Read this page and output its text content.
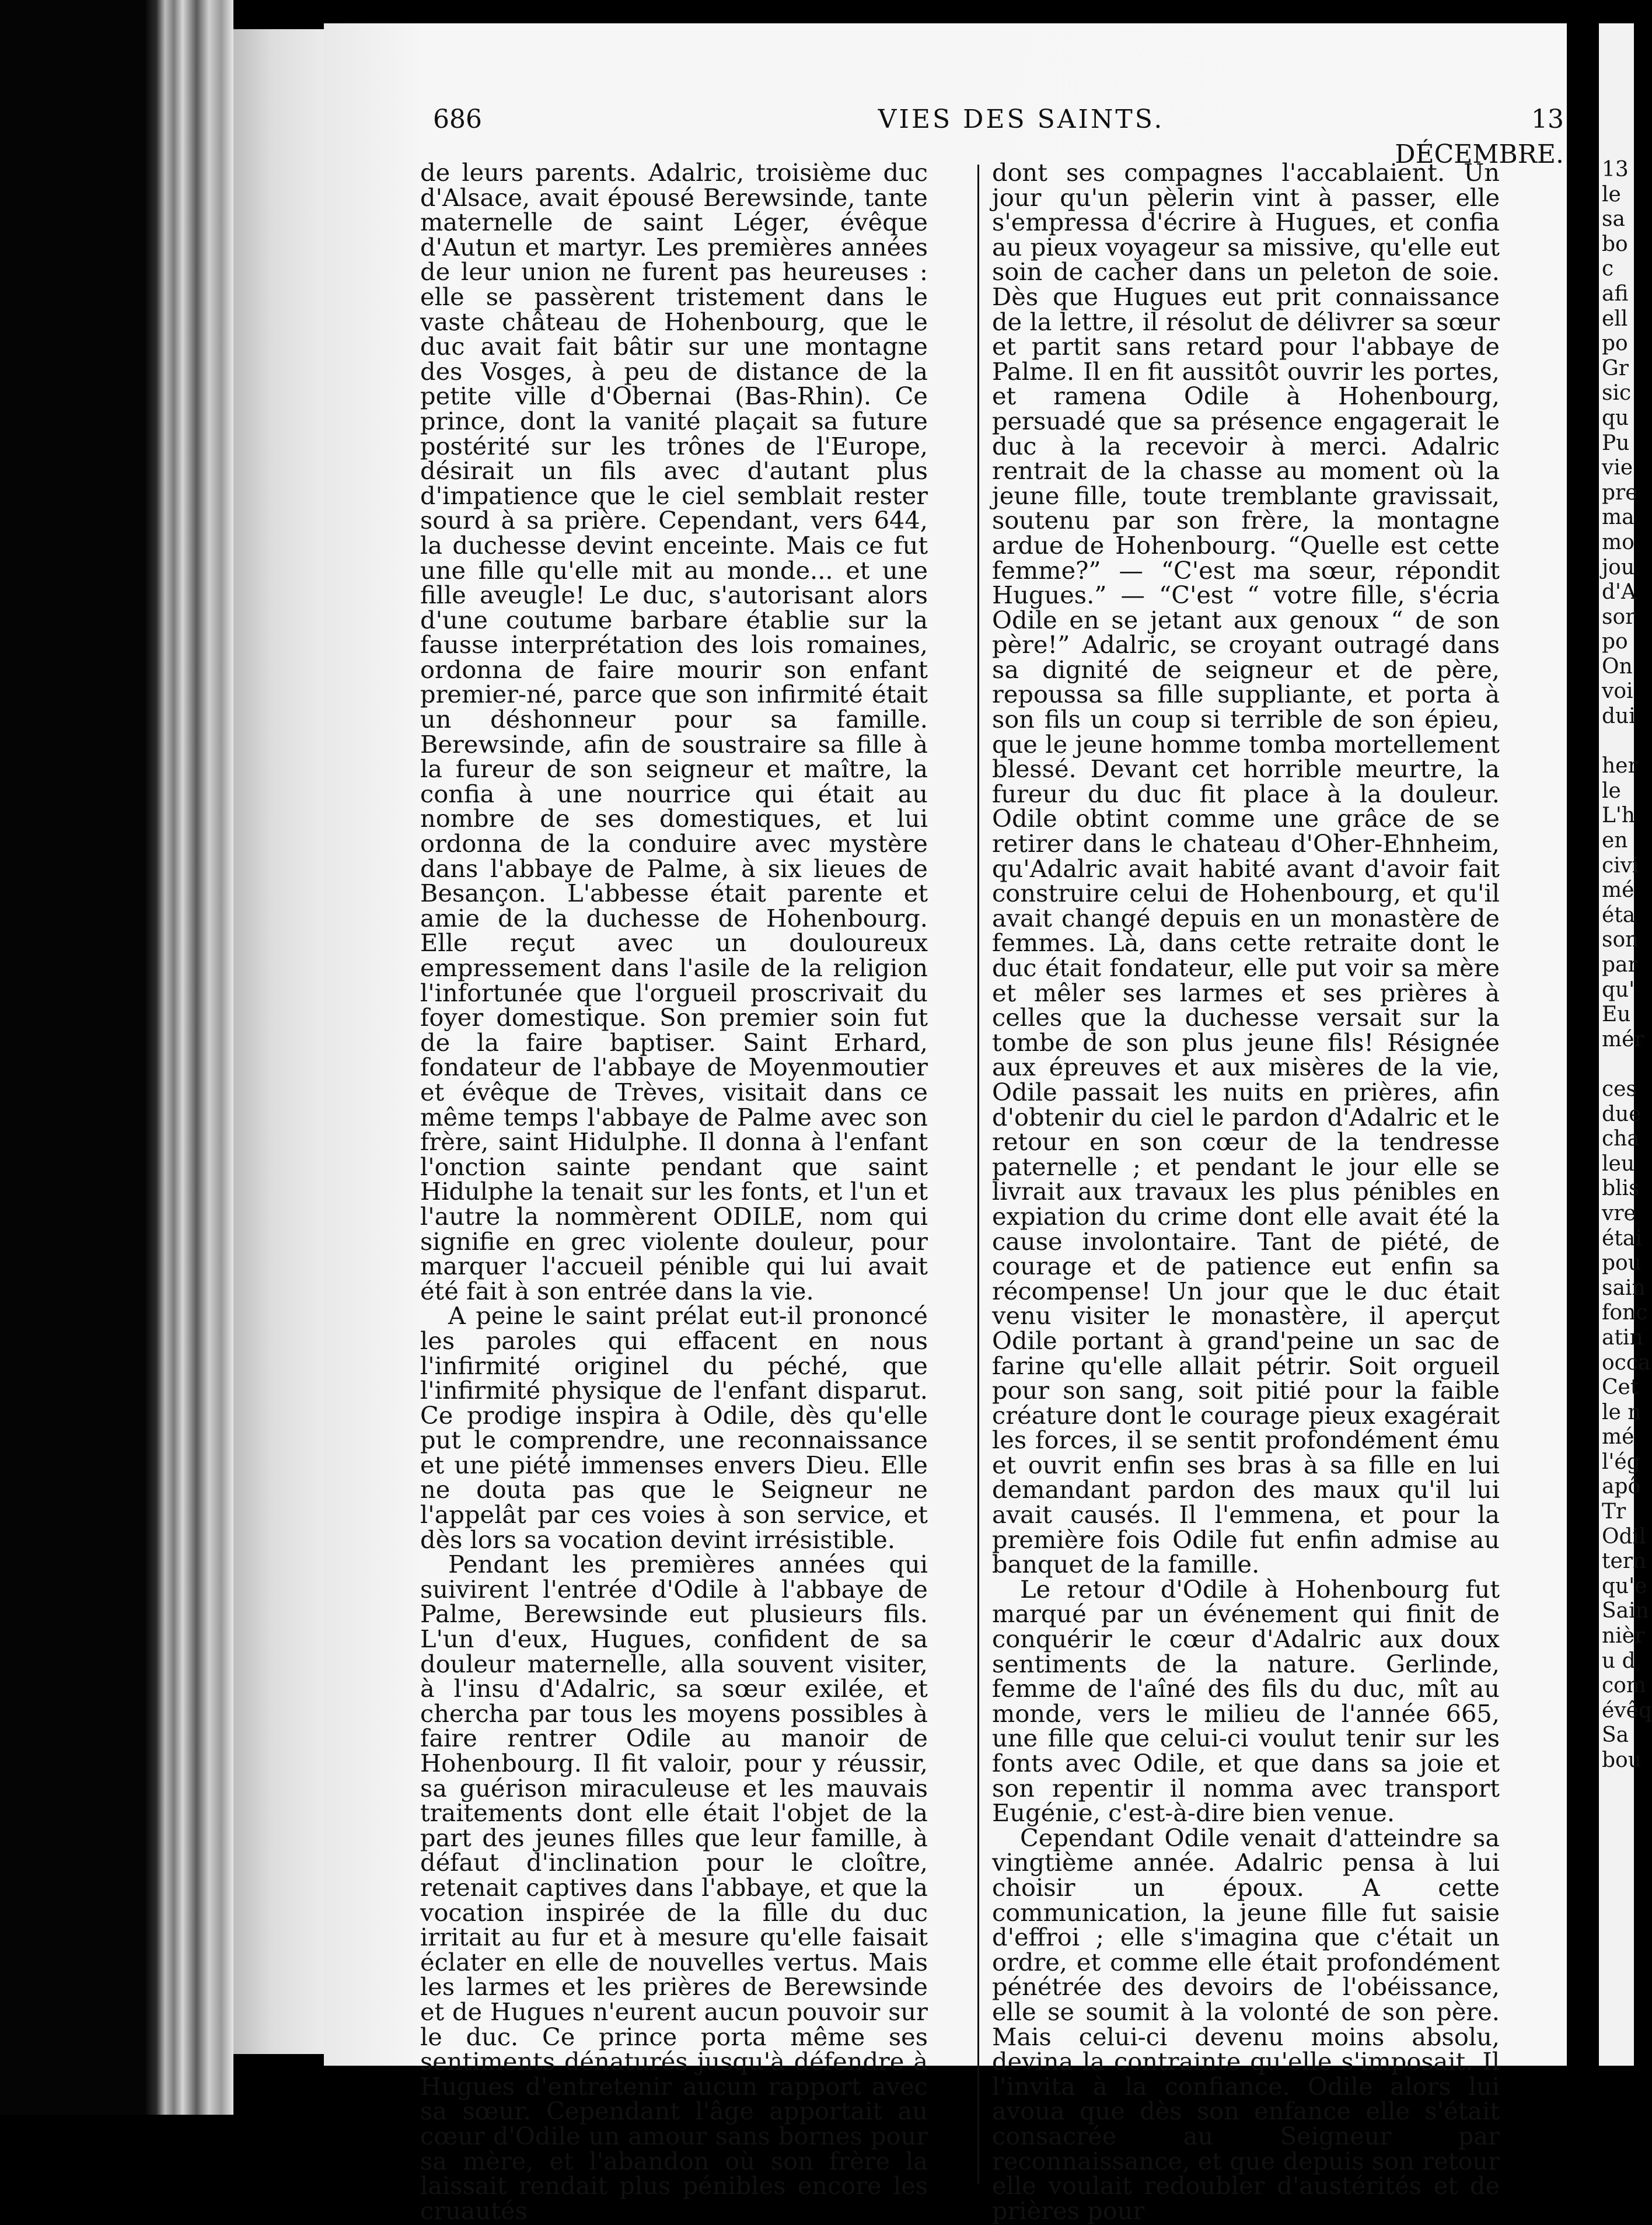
686	VIES DES SAINTS.	13 DÉCEMBRE.

de leurs parents. Adalric, troisième duc d'Alsace, avait épousé Berewsinde, tante maternelle de saint Léger, évêque d'Autun et martyr. Les premières années de leur union ne furent pas heureuses : elle se passèrent tristement dans le vaste château de Hohenbourg, que le duc avait fait bâtir sur une montagne des Vosges, à peu de distance de la petite ville d'Obernai (Bas-Rhin). Ce prince, dont la vanité plaçait sa future postérité sur les trônes de l'Europe, désirait un fils avec d'autant plus d'impatience que le ciel semblait rester sourd à sa prière. Cependant, vers 644, la duchesse devint enceinte. Mais ce fut une fille qu'elle mit au monde... et une fille aveugle! Le duc, s'autorisant alors d'une coutume barbare établie sur la fausse interprétation des lois romaines, ordonna de faire mourir son enfant premier-né, parce que son infirmité était un déshonneur pour sa famille. Berewsinde, afin de soustraire sa fille à la fureur de son seigneur et maître, la confia à une nourrice qui était au nombre de ses domestiques, et lui ordonna de la conduire avec mystère dans l'abbaye de Palme, à six lieues de Besançon. L'abbesse était parente et amie de la duchesse de Hohenbourg. Elle reçut avec un douloureux empressement dans l'asile de la religion l'infortunée que l'orgueil proscrivait du foyer domestique. Son premier soin fut de la faire baptiser. Saint Erhard, fondateur de l'abbaye de Moyenmoutier et évêque de Trèves, visitait dans ce même temps l'abbaye de Palme avec son frère, saint Hidulphe. Il donna à l'enfant l'onction sainte pendant que saint Hidulphe la tenait sur les fonts, et l'un et l'autre la nommèrent ODILE, nom qui signifie en grec violente douleur, pour marquer l'accueil pénible qui lui avait été fait à son entrée dans la vie.

A peine le saint prélat eut-il prononcé les paroles qui effacent en nous l'infirmité originel du péché, que l'infirmité physique de l'enfant disparut. Ce prodige inspira à Odile, dès qu'elle put le comprendre, une reconnaissance et une piété immenses envers Dieu. Elle ne douta pas que le Seigneur ne l'appelât par ces voies à son service, et dès lors sa vocation devint irrésistible.

Pendant les premières années qui suivirent l'entrée d'Odile à l'abbaye de Palme, Berewsinde eut plusieurs fils. L'un d'eux, Hugues, confident de sa douleur maternelle, alla souvent visiter, à l'insu d'Adalric, sa sœur exilée, et chercha par tous les moyens possibles à faire rentrer Odile au manoir de Hohenbourg. Il fit valoir, pour y réussir, sa guérison miraculeuse et les mauvais traitements dont elle était l'objet de la part des jeunes filles que leur famille, à défaut d'inclination pour le cloître, retenait captives dans l'abbaye, et que la vocation inspirée de la fille du duc irritait au fur et à mesure qu'elle faisait éclater en elle de nouvelles vertus. Mais les larmes et les prières de Berewsinde et de Hugues n'eurent aucun pouvoir sur le duc. Ce prince porta même ses sentiments dénaturés jusqu'à défendre à Hugues d'entretenir aucun rapport avec sa sœur. Cependant l'âge apportait au cœur d'Odile un amour sans bornes pour sa mère, et l'abandon où son frère la laissait rendait plus pénibles encore les cruautés

dont ses compagnes l'accablaient. Un jour qu'un pèlerin vint à passer, elle s'empressa d'écrire à Hugues, et confia au pieux voyageur sa missive, qu'elle eut soin de cacher dans un peleton de soie. Dès que Hugues eut prit connaissance de la lettre, il résolut de délivrer sa sœur et partit sans retard pour l'abbaye de Palme. Il en fit aussitôt ouvrir les portes, et ramena Odile à Hohenbourg, persuadé que sa présence engagerait le duc à la recevoir à merci. Adalric rentrait de la chasse au moment où la jeune fille, toute tremblante gravissait, soutenu par son frère, la montagne ardue de Hohenbourg. “Quelle est cette femme?” — “C'est ma sœur, répondit Hugues.” — “C'est “ votre fille, s'écria Odile en se jetant aux genoux “ de son père!” Adalric, se croyant outragé dans sa dignité de seigneur et de père, repoussa sa fille suppliante, et porta à son fils un coup si terrible de son épieu, que le jeune homme tomba mortellement blessé. Devant cet horrible meurtre, la fureur du duc fit place à la douleur. Odile obtint comme une grâce de se retirer dans le chateau d'Oher-Ehnheim, qu'Adalric avait habité avant d'avoir fait construire celui de Hohenbourg, et qu'il avait changé depuis en un monastère de femmes. Là, dans cette retraite dont le duc était fondateur, elle put voir sa mère et mêler ses larmes et ses prières à celles que la duchesse versait sur la tombe de son plus jeune fils! Résignée aux épreuves et aux misères de la vie, Odile passait les nuits en prières, afin d'obtenir du ciel le pardon d'Adalric et le retour en son cœur de la tendresse paternelle ; et pendant le jour elle se livrait aux travaux les plus pénibles en expiation du crime dont elle avait été la cause involontaire. Tant de piété, de courage et de patience eut enfin sa récompense! Un jour que le duc était venu visiter le monastère, il aperçut Odile portant à grand'peine un sac de farine qu'elle allait pétrir. Soit orgueil pour son sang, soit pitié pour la faible créature dont le courage pieux exagérait les forces, il se sentit profondément ému et ouvrit enfin ses bras à sa fille en lui demandant pardon des maux qu'il lui avait causés. Il l'emmena, et pour la première fois Odile fut enfin admise au banquet de la famille.

Le retour d'Odile à Hohenbourg fut marqué par un événement qui finit de conquérir le cœur d'Adalric aux doux sentiments de la nature. Gerlinde, femme de l'aîné des fils du duc, mît au monde, vers le milieu de l'année 665, une fille que celui-ci voulut tenir sur les fonts avec Odile, et que dans sa joie et son repentir il nomma avec transport Eugénie, c'est-à-dire bien venue.

Cependant Odile venait d'atteindre sa vingtième année. Adalric pensa à lui choisir un époux. A cette communication, la jeune fille fut saisie d'effroi ; elle s'imagina que c'était un ordre, et comme elle était profondément pénétrée des devoirs de l'obéissance, elle se soumit à la volonté de son père. Mais celui-ci devenu moins absolu, devina la contrainte qu'elle s'imposait. Il l'invita à la confiance. Odile alors lui avoua que dès son enfance elle s'était consacrée au Seigneur par reconnaissance, et que depuis son retour elle voulait redoubler d'austérités et de prières pour

13
le
sa
bo
c
afi
ell
po
Gr
sic
qu
Pu
vie
pre
ma
mo
jou
d'A
sor
po
On
voi
dui
her
le
L'h
en
civi
mé
éta
son
par
qu'
Eu
mér
ces
due
cha
leu
blis
vre
étai
pou
sain
fonc
atin
occa
Cet
le n
mé
l'ég
apô
Tr
Odil
tern
qu'e
Sain
nièr
u d
com
évêq
Sa
bou
